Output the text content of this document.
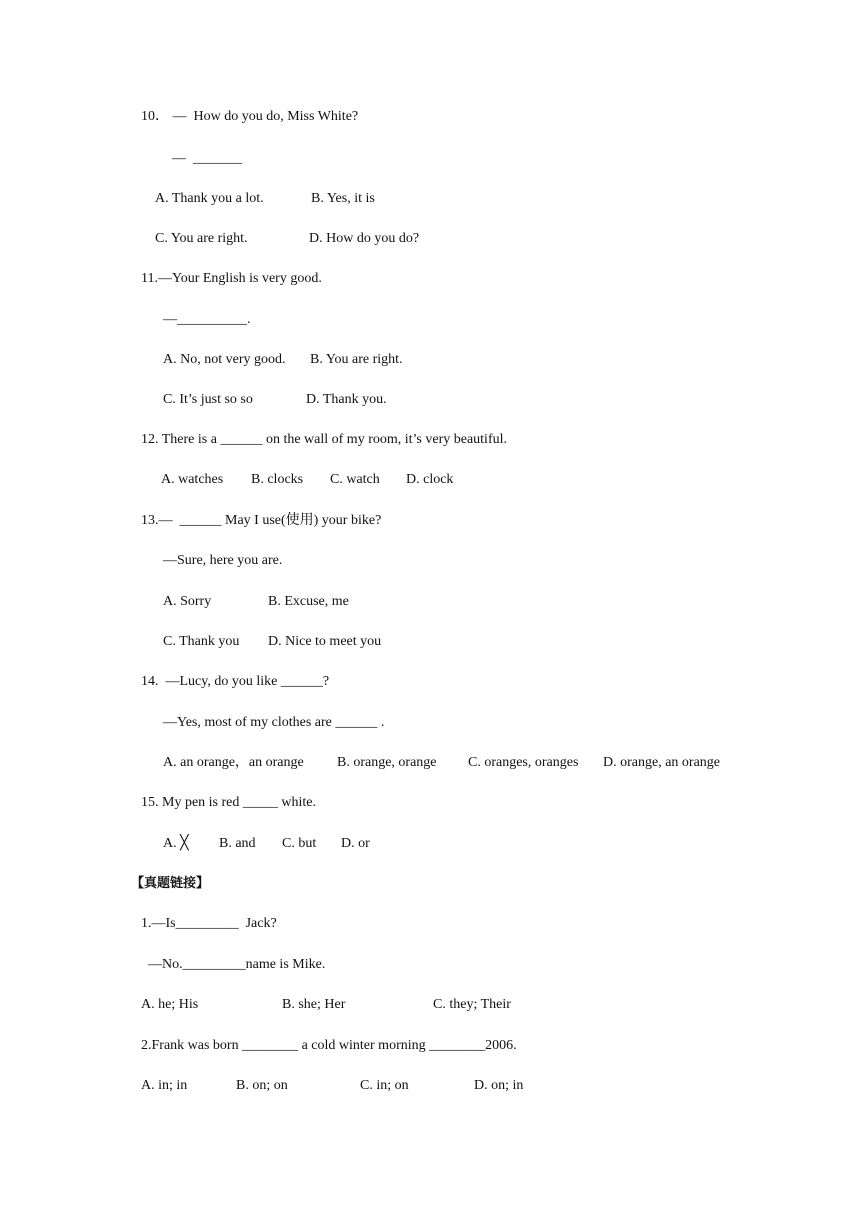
10． ―  How do you do, Miss White?
―  _______
A. Thank you a lot.	B. Yes, it is
C. You are right.	D. How do you do?
11.―Your English is very good.
―__________.
A. No, not very good. B. You are right.
C. It’s just so so	D. Thank you.
12. There is a ______ on the wall of my room, it’s very beautiful.
A. watches B. clocks C. watch D. clock
13.―  ______ May I use(使用) your bike?
―Sure, here you are.
A. Sorry	B. Excuse, me
C. Thank you D. Nice to meet you
14.  ―Lucy, do you like ______?
―Yes, most of my clothes are ______ .
A. an orange，an orange B. orange, orange C. oranges, oranges D. orange, an orange
15. My pen is red _____ white.
A. ╳ B. and C. but D. or
【真题链接】
1.―Is_________  Jack?
―No._________name is Mike.
A. he; His	B. she; Her	C. they; Their
2.Frank was born ________ a cold winter morning ________2006.
A. in; in	B. on; on	C. in; on	D. on; in
